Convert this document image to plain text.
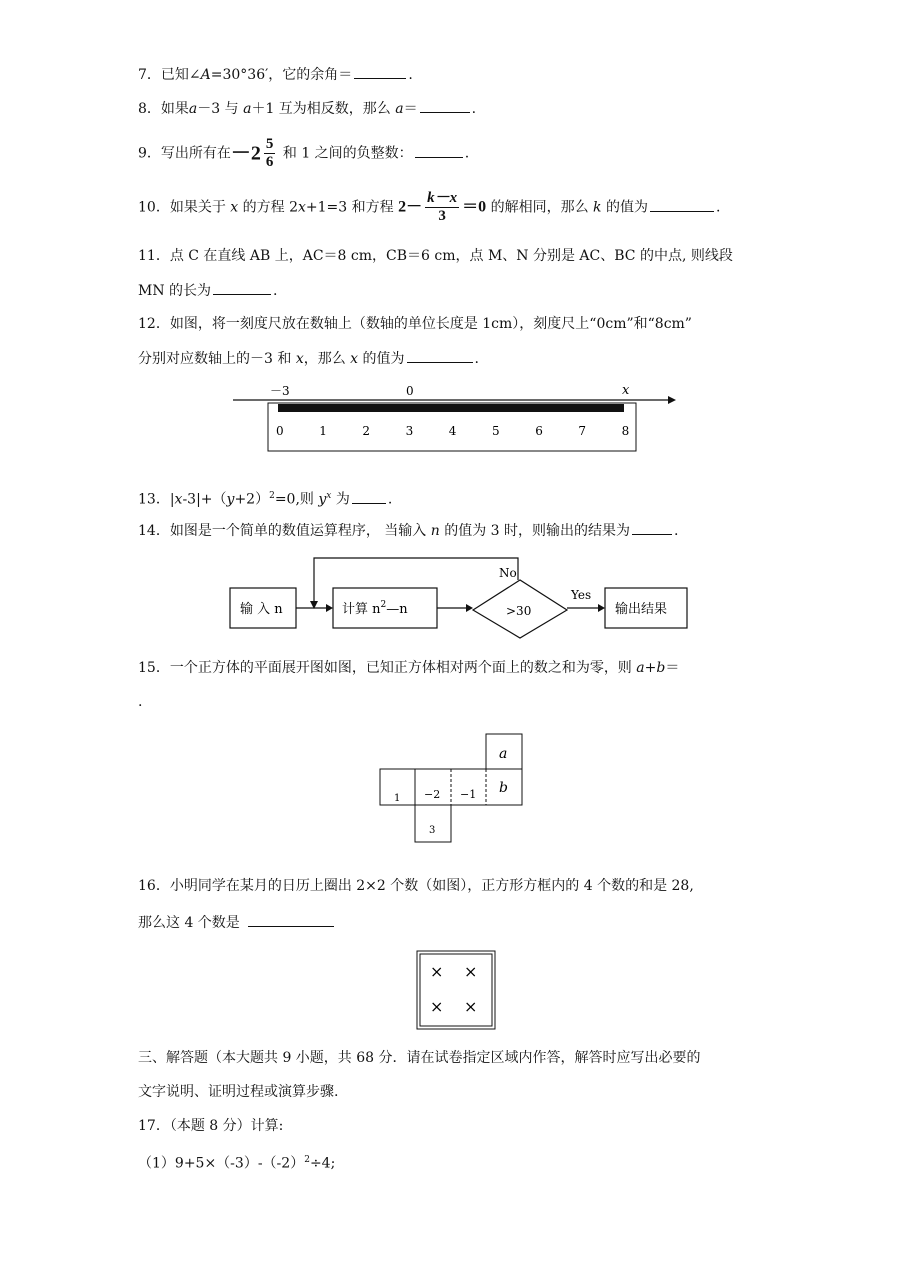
7．已知∠A=30°36′，它的余角＝	.
8．如果a－3 与 a＋1 互为相反数，那么 a＝	.
9．写出所有在$-2 \frac{5}{6}$ 和 1 之间的负整数：	.
10．如果关于 x 的方程 2x+1=3 和方程 $2- \frac{k-x}{3} =0$ 的解相同，那么 k 的值为	.
11．点 C 在直线 AB 上，AC＝8 cm，CB＝6 cm，点 M、N 分别是 AC、BC 的中点, 则线段
MN 的长为	.
12．如图，将一刻度尺放在数轴上（数轴的单位长度是 1cm），刻度尺上“0cm”和“8cm”
分别对应数轴上的－3 和 x，那么 x 的值为	.
－3	0	x
0	1	2	3	4	5	6	7	8
13．$|x-3|+(y+2)^2=0$,则 $y^x$ 为	.
14．如图是一个简单的数值运算程序， 当输入 n 的值为 3 时，则输出的结果为	.
输 入 n	计算 $n^2—n$	>30
No
Yes
输出结果
15．一个正方体的平面展开图如图，已知正方体相对两个面上的数之和为零，则 a+b＝
.
a
1 −2 −1 b
3
16．小明同学在某月的日历上圈出 2×2 个数（如图），正方形方框内的 4 个数的和是 28,
那么这 4 个数是
× ×
× ×
三、解答题（本大题共 9 小题，共 68 分．请在试卷指定区域内作答，解答时应写出必要的
文字说明、证明过程或演算步骤.
17．（本题 8 分）计算:
$(1)9+5\times(-3)-(-2)^2\div 4$;
